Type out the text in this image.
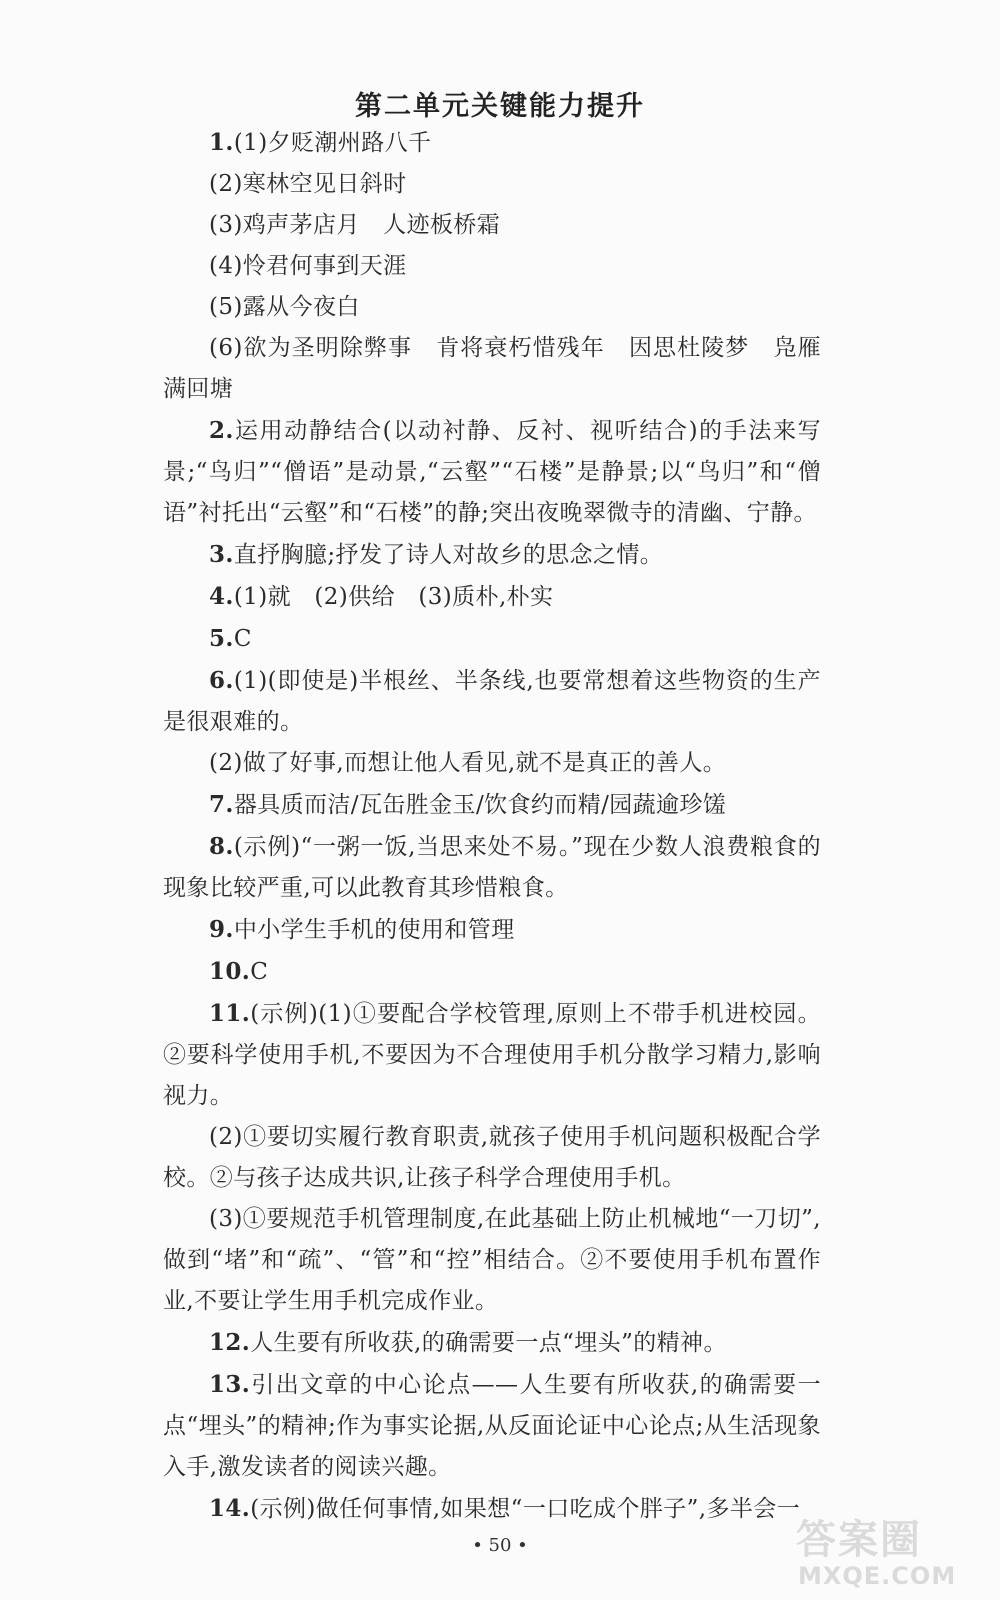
第二单元关键能力提升

1.(1)夕贬潮州路八千

(2)寒林空见日斜时

(3)鸡声茅店月　人迹板桥霜

(4)怜君何事到天涯

(5)露从今夜白

(6)欲为圣明除弊事　肯将衰朽惜残年　因思杜陵梦　凫雁满回塘

2.运用动静结合(以动衬静、反衬、视听结合)的手法来写景;“鸟归”“僧语”是动景,“云壑”“石楼”是静景;以“鸟归”和“僧语”衬托出“云壑”和“石楼”的静;突出夜晚翠微寺的清幽、宁静。

3.直抒胸臆;抒发了诗人对故乡的思念之情。

4.(1)就　(2)供给　(3)质朴,朴实

5.C

6.(1)(即使是)半根丝、半条线,也要常想着这些物资的生产是很艰难的。

(2)做了好事,而想让他人看见,就不是真正的善人。

7.器具质而洁/瓦缶胜金玉/饮食约而精/园蔬逾珍馐

8.(示例)“一粥一饭,当思来处不易。”现在少数人浪费粮食的现象比较严重,可以此教育其珍惜粮食。

9.中小学生手机的使用和管理

10.C

11.(示例)(1)①要配合学校管理,原则上不带手机进校园。②要科学使用手机,不要因为不合理使用手机分散学习精力,影响视力。

(2)①要切实履行教育职责,就孩子使用手机问题积极配合学校。②与孩子达成共识,让孩子科学合理使用手机。

(3)①要规范手机管理制度,在此基础上防止机械地“一刀切”,做到“堵”和“疏”、“管”和“控”相结合。②不要使用手机布置作业,不要让学生用手机完成作业。

12.人生要有所收获,的确需要一点“埋头”的精神。

13.引出文章的中心论点——人生要有所收获,的确需要一点“埋头”的精神;作为事实论据,从反面论证中心论点;从生活现象入手,激发读者的阅读兴趣。

14.(示例)做任何事情,如果想“一口吃成个胖子”,多半会一

• 50 •	答案圈
MXQE.COM
